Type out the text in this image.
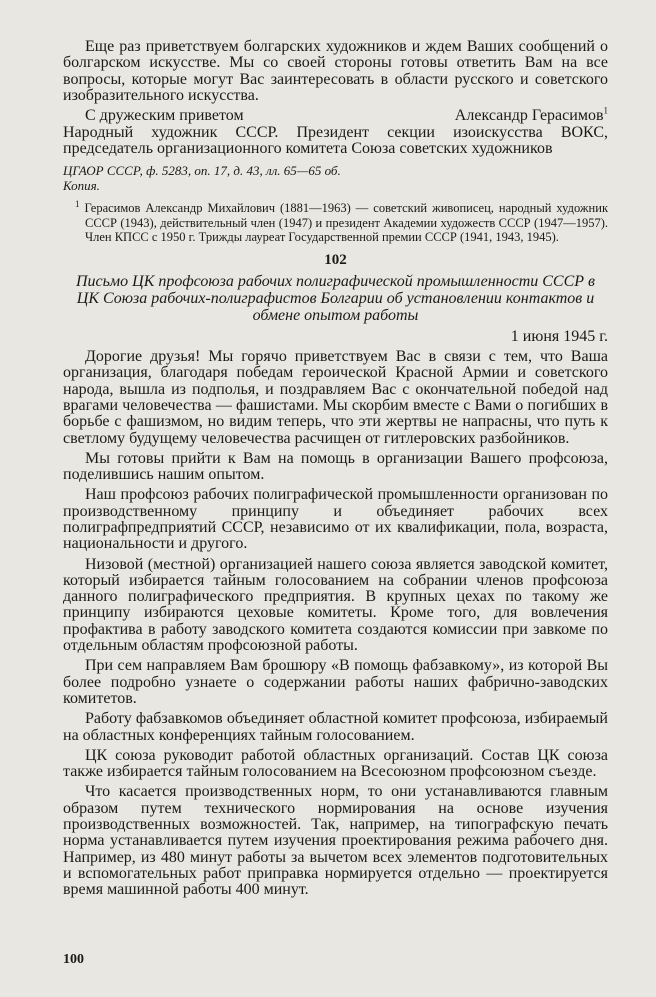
Еще раз приветствуем болгарских художников и ждем Ваших сообщений о болгарском искусстве. Мы со своей стороны готовы ответить Вам на все вопросы, которые могут Вас заинтересовать в области русского и советского изобразительного искусства.

С дружеским приветом	Александр Герасимов$^1$

Народный художник СССР. Президент секции изоискусства ВОКС, председатель организационного комитета Союза советских художников

ЦГАОР СССР, ф. 5283, оп. 17, д. 43, лл. 65—65 об.

Копия.

$^1$ Герасимов Александр Михайлович (1881—1963) — советский живописец, народный художник СССР (1943), действительный член (1947) и президент Академии художеств СССР (1947—1957). Член КПСС с 1950 г. Трижды лауреат Государственной премии СССР (1941, 1943, 1945).

102

Письмо ЦК профсоюза рабочих полиграфической промышленности СССР в ЦК Союза рабочих-полиграфистов Болгарии об установлении контактов и обмене опытом работы

1 июня 1945 г.

Дорогие друзья! Мы горячо приветствуем Вас в связи с тем, что Ваша организация, благодаря победам героической Красной Армии и советского народа, вышла из подполья, и поздравляем Вас с окончательной победой над врагами человечества — фашистами. Мы скорбим вместе с Вами о погибших в борьбе с фашизмом, но видим теперь, что эти жертвы не напрасны, что путь к светлому будущему человечества расчищен от гитлеровских разбойников.

Мы готовы прийти к Вам на помощь в организации Вашего профсоюза, поделившись нашим опытом.

Наш профсоюз рабочих полиграфической промышленности организован по производственному принципу и объединяет рабочих всех полиграфпредприятий СССР, независимо от их квалификации, пола, возраста, национальности и другого.

Низовой (местной) организацией нашего союза является заводской комитет, который избирается тайным голосованием на собрании членов профсоюза данного полиграфического предприятия. В крупных цехах по такому же принципу избираются цеховые комитеты. Кроме того, для вовлечения профактива в работу заводского комитета создаются комиссии при завкоме по отдельным областям профсоюзной работы.

При сем направляем Вам брошюру «В помощь фабзавкому», из которой Вы более подробно узнаете о содержании работы наших фабрично-заводских комитетов.

Работу фабзавкомов объединяет областной комитет профсоюза, избираемый на областных конференциях тайным голосованием.

ЦК союза руководит работой областных организаций. Состав ЦК союза также избирается тайным голосованием на Всесоюзном профсоюзном съезде.

Что касается производственных норм, то они устанавливаются главным образом путем технического нормирования на основе изучения производственных возможностей. Так, например, на типографскую печать норма устанавливается путем изучения проектирования режима рабочего дня. Например, из 480 минут работы за вычетом всех элементов подготовительных и вспомогательных работ приправка нормируется отдельно — проектируется время машинной работы 400 минут.

100
